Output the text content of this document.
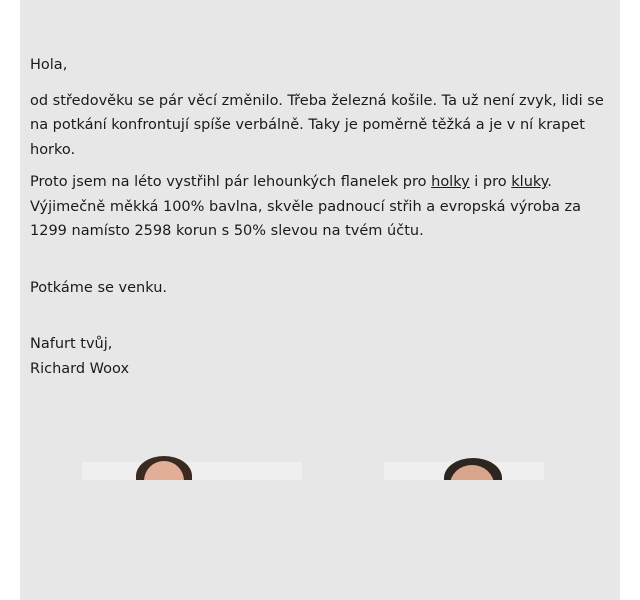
Hola,

od středověku se pár věcí změnilo. Třeba železná košile. Ta už není zvyk, lidi se na potkání konfrontují spíše verbálně. Taky je poměrně těžká a je v ní krapet horko.

Proto jsem na léto vystřihl pár lehounkých flanelek pro holky i pro kluky. Výjimečně měkká 100% bavlna, skvěle padnoucí střih a evropská výroba za 1299 namísto 2598 korun s 50% slevou na tvém účtu.

Potkáme se venku.

Nafurt tvůj,

Richard Woox
